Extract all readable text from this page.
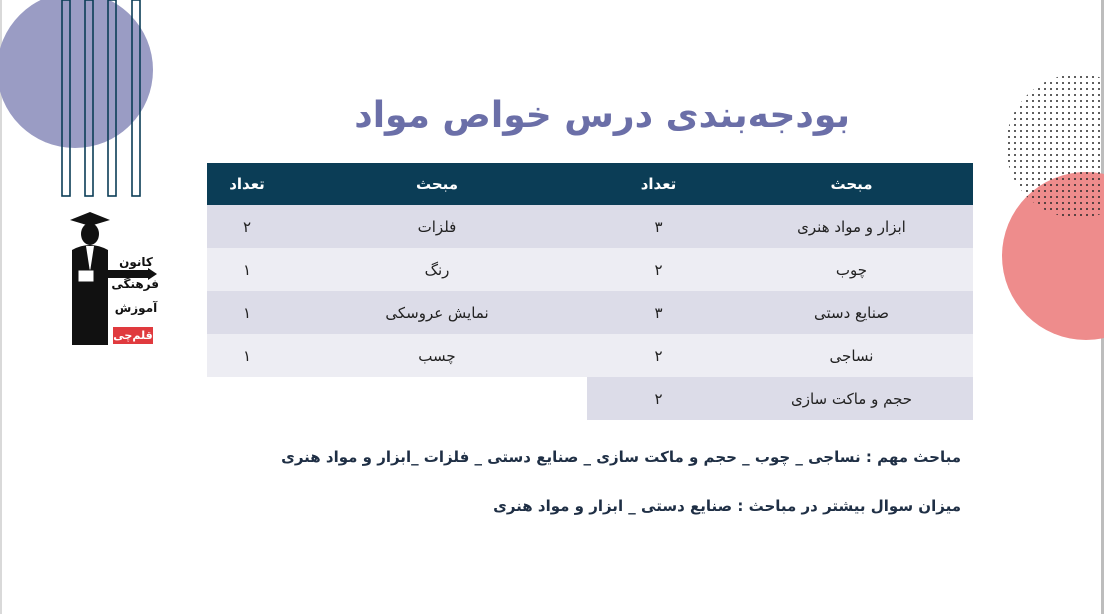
کانون
فرهنگی
آموزش
قلم‌چی
بودجه‌بندی درس خواص مواد
مبحث	تعداد	مبحث	تعداد
ابزار و مواد هنری	۳	فلزات	۲
چوب	۲	رنگ	۱
صنایع دستی	۳	نمایش عروسکی	۱
نساجی	۲	چسب	۱
حجم و ماکت سازی	۲		
مباحث مهم : نساجی _ چوب _ حجم و ماکت سازی _ صنایع دستی _ فلزات _ابزار و مواد هنری
میزان سوال بیشتر در مباحث : صنایع دستی _ ابزار و مواد هنری
